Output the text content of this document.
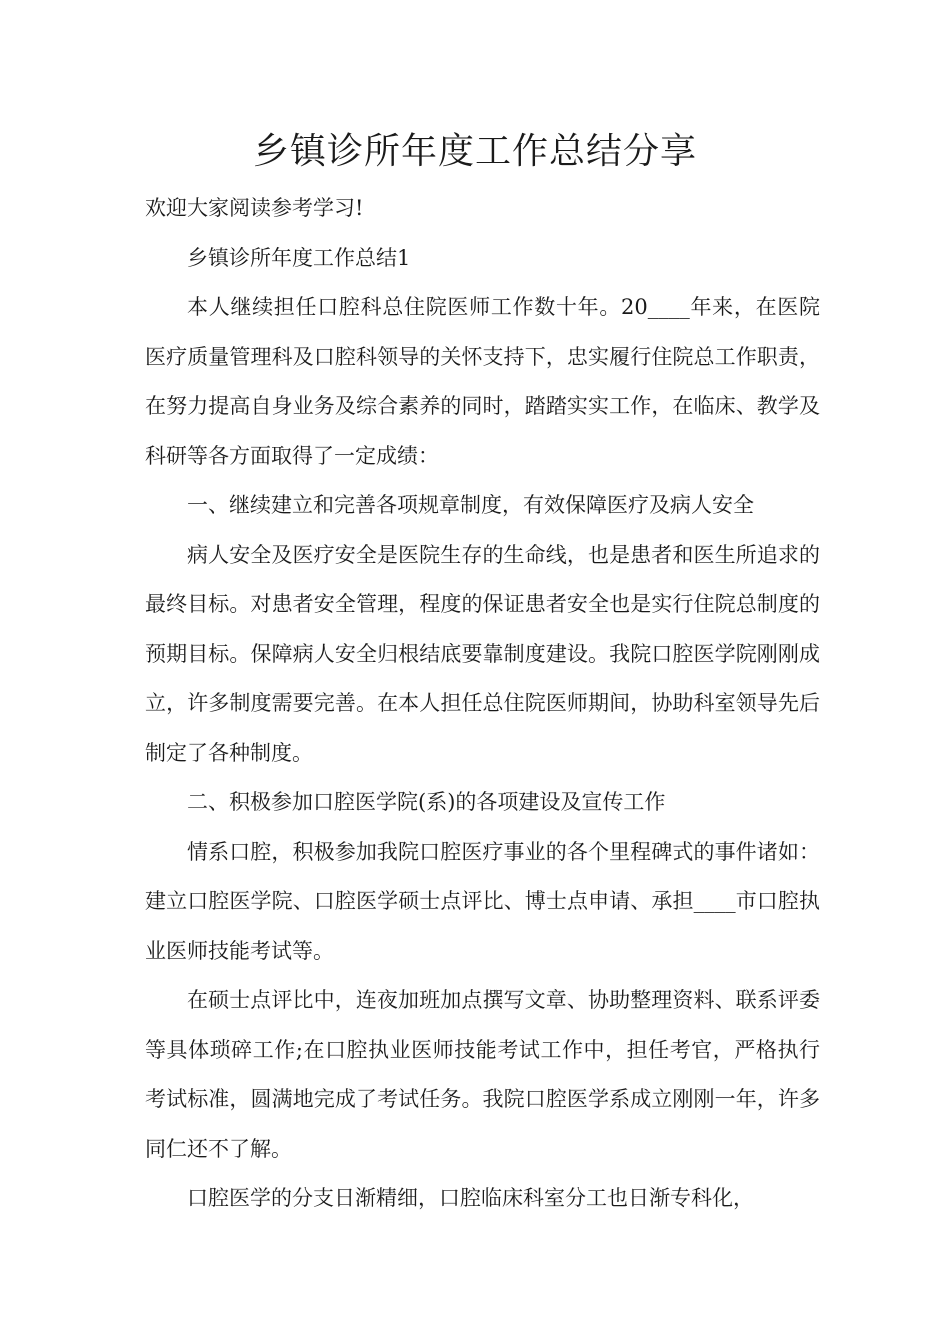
乡镇诊所年度工作总结分享

欢迎大家阅读参考学习!

乡镇诊所年度工作总结1

本人继续担任口腔科总住院医师工作数十年。20____年来，在医院医疗质量管理科及口腔科领导的关怀支持下，忠实履行住院总工作职责，在努力提高自身业务及综合素养的同时，踏踏实实工作，在临床、教学及科研等各方面取得了一定成绩：

一、继续建立和完善各项规章制度，有效保障医疗及病人安全

病人安全及医疗安全是医院生存的生命线，也是患者和医生所追求的最终目标。对患者安全管理，程度的保证患者安全也是实行住院总制度的预期目标。保障病人安全归根结底要靠制度建设。我院口腔医学院刚刚成立，许多制度需要完善。在本人担任总住院医师期间，协助科室领导先后制定了各种制度。

二、积极参加口腔医学院(系)的各项建设及宣传工作

情系口腔，积极参加我院口腔医疗事业的各个里程碑式的事件诸如：建立口腔医学院、口腔医学硕士点评比、博士点申请、承担____市口腔执业医师技能考试等。

在硕士点评比中，连夜加班加点撰写文章、协助整理资料、联系评委等具体琐碎工作;在口腔执业医师技能考试工作中，担任考官，严格执行考试标准，圆满地完成了考试任务。我院口腔医学系成立刚刚一年，许多同仁还不了解。

口腔医学的分支日渐精细，口腔临床科室分工也日渐专科化，
